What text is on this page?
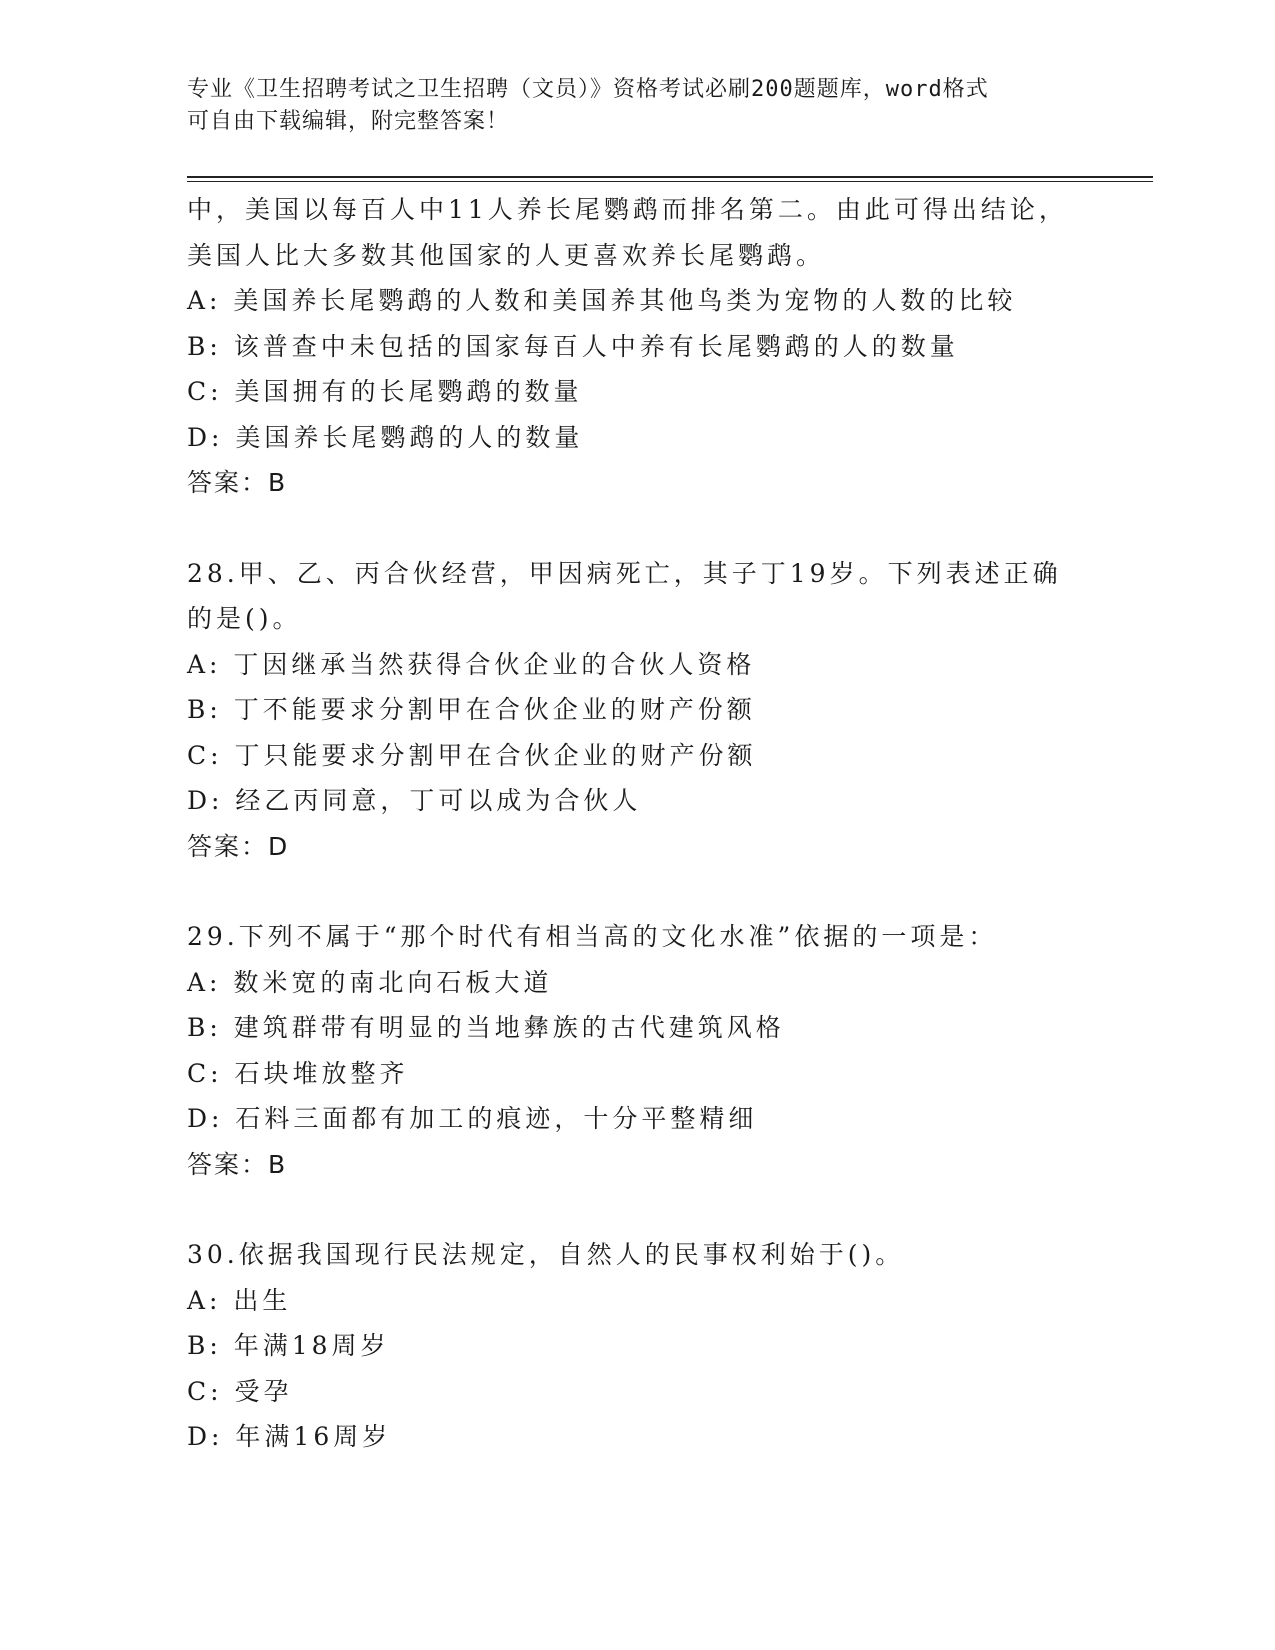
专业《卫生招聘考试之卫生招聘（文员）》资格考试必刷200题题库，word格式
可自由下载编辑，附完整答案！
中，美国以每百人中11人养长尾鹦鹉而排名第二。由此可得出结论，
美国人比大多数其他国家的人更喜欢养长尾鹦鹉。
A: 美国养长尾鹦鹉的人数和美国养其他鸟类为宠物的人数的比较
B: 该普查中未包括的国家每百人中养有长尾鹦鹉的人的数量
C: 美国拥有的长尾鹦鹉的数量
D: 美国养长尾鹦鹉的人的数量
答案：B
28.甲、乙、丙合伙经营，甲因病死亡，其子丁19岁。下列表述正确
的是()。
A: 丁因继承当然获得合伙企业的合伙人资格
B: 丁不能要求分割甲在合伙企业的财产份额
C: 丁只能要求分割甲在合伙企业的财产份额
D: 经乙丙同意，丁可以成为合伙人
答案：D
29.下列不属于“那个时代有相当高的文化水准”依据的一项是：
A: 数米宽的南北向石板大道
B: 建筑群带有明显的当地彝族的古代建筑风格
C: 石块堆放整齐
D: 石料三面都有加工的痕迹，十分平整精细
答案：B
30.依据我国现行民法规定，自然人的民事权利始于()。
A: 出生
B: 年满18周岁
C: 受孕
D: 年满16周岁
